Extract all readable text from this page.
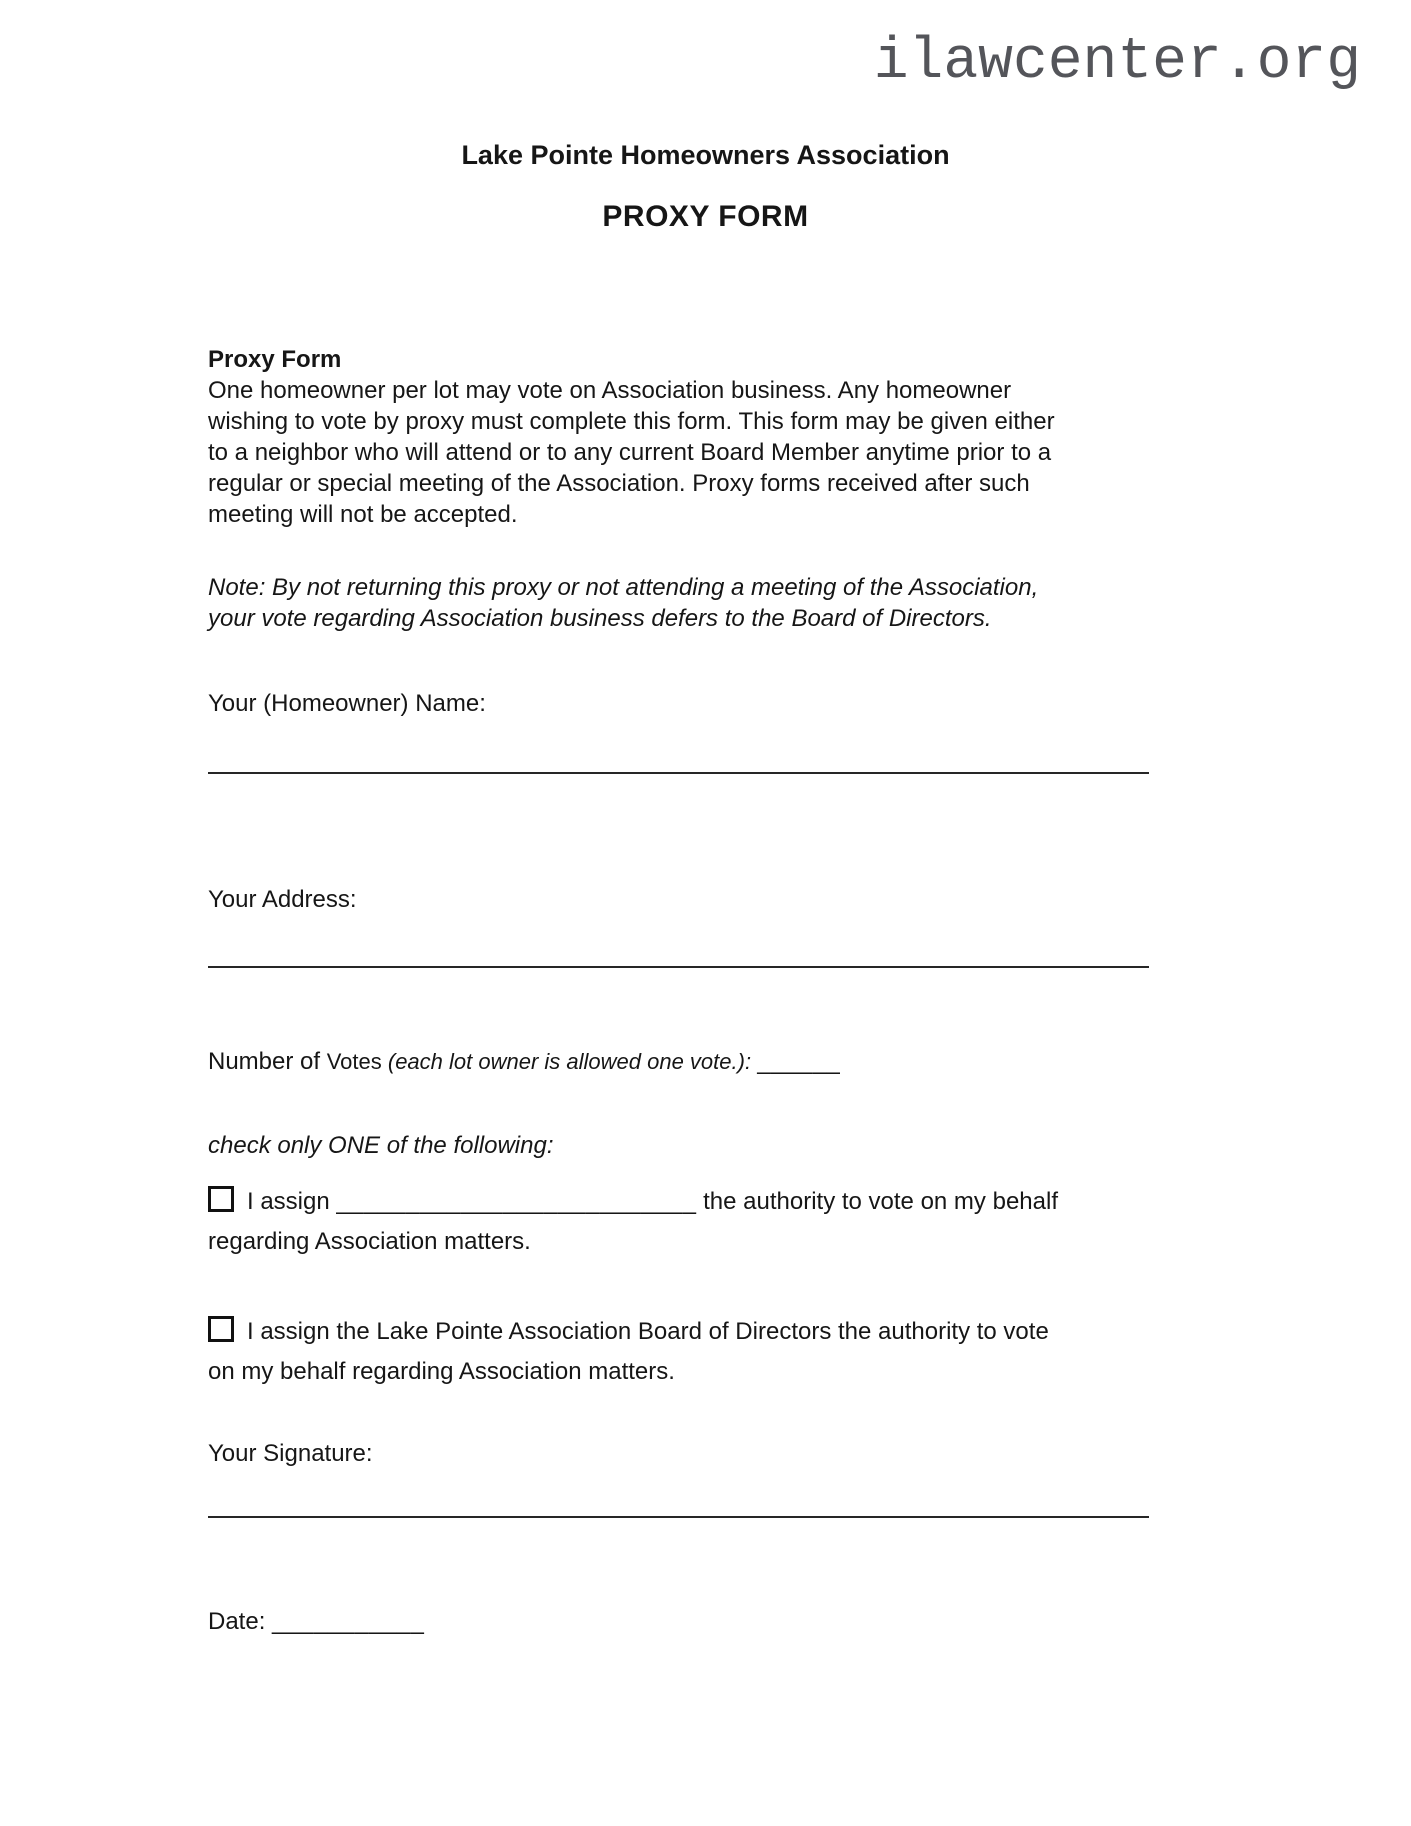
ilawcenter.org
Lake Pointe Homeowners Association
PROXY FORM
Proxy Form
One homeowner per lot may vote on Association business. Any homeowner
wishing to vote by proxy must complete this form. This form may be given either
to a neighbor who will attend or to any current Board Member anytime prior to a
regular or special meeting of the Association. Proxy forms received after such
meeting will not be accepted.
Note: By not returning this proxy or not attending a meeting of the Association,
your vote regarding Association business defers to the Board of Directors.
Your (Homeowner) Name:
Your Address:
Number of Votes (each lot owner is allowed one vote.): ______
check only ONE of the following:
I assign __________________________ the authority to vote on my behalf
regarding Association matters.
I assign the Lake Pointe Association Board of Directors the authority to vote
on my behalf regarding Association matters.
Your Signature:
Date: ___________
